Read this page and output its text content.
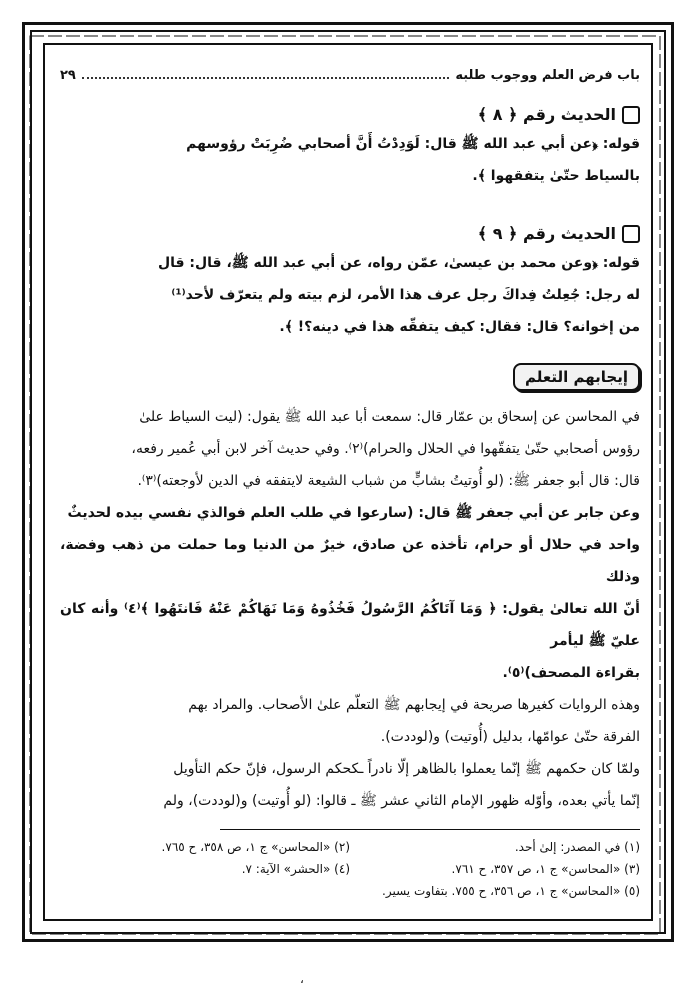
باب فرض العلم ووجوب طلبه
٢٩
الحديث رقم ﴿ ٨ ﴾
قوله: ﴿عن أبي عبد الله ﷺ قال: لَوَدِدْتُ أَنَّ أصحابي ضُرِبَتْ رؤوسهم
بالسياط حتّىٰ يتفقهوا ﴾.
الحديث رقم ﴿ ٩ ﴾
قوله: ﴿وعن محمد بن عيسىٰ، عمّن رواه، عن أبي عبد الله ﷺ، قال: قال
له رجل: جُعِلتُ فِداكَ رجل عرف هذا الأمر، لزم بيته ولم يتعرّف لأحد⁽¹⁾
من إخوانه؟ قال: فقال: كيف يتفقّه هذا في دينه؟! ﴾.
إيجابهم التعلم
في المحاسن عن إسحاق بن عمّار قال: سمعت أبا عبد الله ﷺ يقول: (ليت السياط علىٰ
رؤوس أصحابي حتّىٰ يتفقّهوا في الحلال والحرام)⁽٢⁾. وفي حديث آخر لابن أبي عُمير رفعه،
قال: قال أبو جعفر ﷺ: (لو أُوتيتُ بشابٍّ من شباب الشيعة لايتفقه في الدين لأوجعته)⁽٣⁾.
وعن جابر عن أبي جعفر ﷺ قال: (سارعوا في طلب العلم فوالذي نفسي بيده لحديثٌ
واحد في حلال أو حرام، تأخذه عن صادق، خيرٌ من الدنيا وما حملت من ذهب وفضة، وذلك
أنّ الله تعالىٰ يقول: ﴿ وَمَا آتَاكُمُ الرَّسُولُ فَخُذُوهُ وَمَا نَهَاكُمْ عَنْهُ فَانتَهُوا ﴾⁽٤⁾ وأنه كان عليّ ﷺ ليأمر
بقراءة المصحف)⁽٥⁾.
وهذه الروايات كغيرها صريحة في إيجابهم ﷺ التعلّم علىٰ الأصحاب. والمراد بهم
الفرقة حتّىٰ عوامّها، بدليل (أُوتيت) و(لوددت).
ولمّا كان حكمهم ﷺ إنّما يعملوا بالظاهر إلّا نادراً ـكحكم الرسول، فإنّ حكم التأويل
إنّما يأتي بعده، وأوّله ظهور الإمام الثاني عشر ﷺ ـ قالوا: (لو أُوتيت) و(لوددت)، ولم
(١) في المصدر: إلىٰ أحد.
(٢) «المحاسن» ج ١، ص ٣٥٨، ح ٧٦٥.
(٣) «المحاسن» ج ١، ص ٣٥٧، ح ٧٦١.
(٤) «الحشر» الآية: ٧.
(٥) «المحاسن» ج ١، ص ٣٥٦، ح ٧٥٥. بتفاوت يسير.
،
